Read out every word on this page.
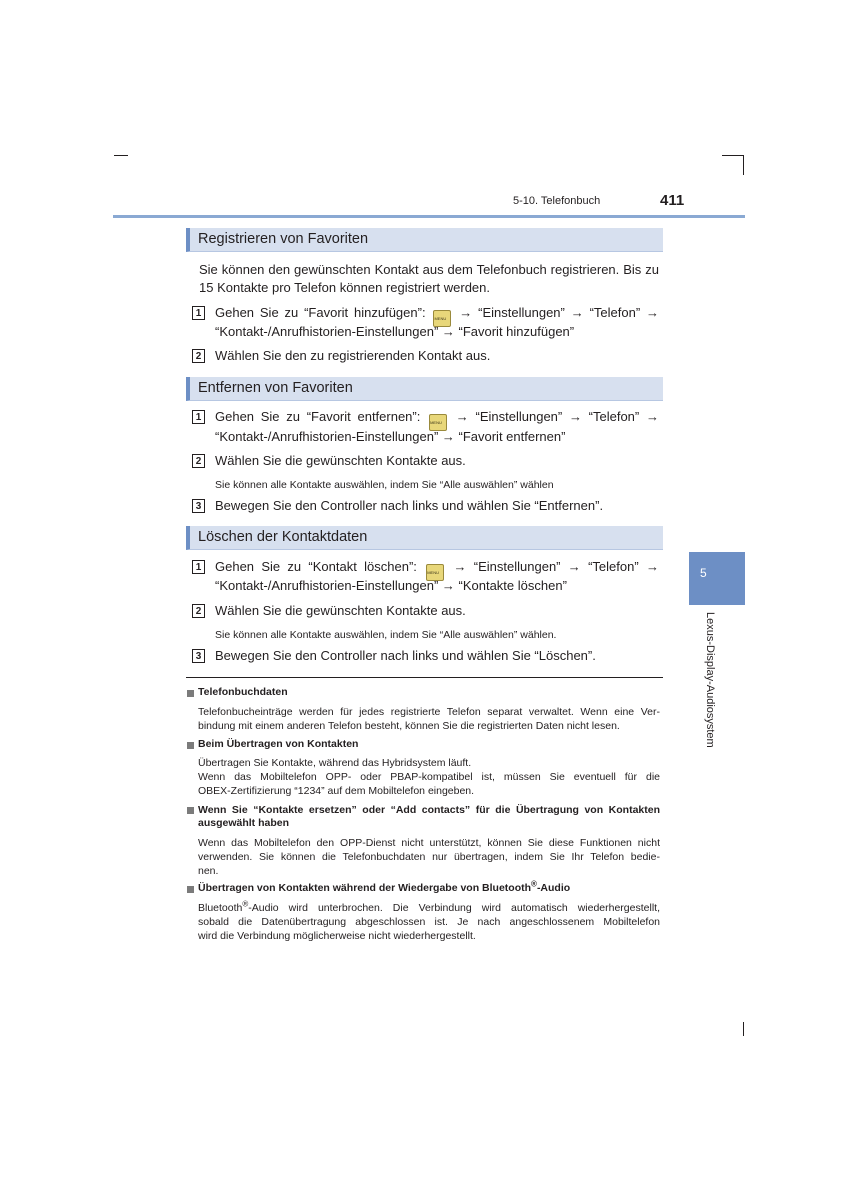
5-10. Telefonbuch	411
5
Lexus-Display-Audiosystem
Registrieren von Favoriten
Sie können den gewünschten Kontakt aus dem Telefonbuch registrieren. Bis zu
15 Kontakte pro Telefon können registriert werden.
1 Gehen Sie zu “Favorit hinzufügen”: MENU → “Einstellungen” → “Telefon” →
“Kontakt-/Anrufhistorien-Einstellungen” → “Favorit hinzufügen”
2 Wählen Sie den zu registrierenden Kontakt aus.
Entfernen von Favoriten
1 Gehen Sie zu “Favorit entfernen”: MENU → “Einstellungen” → “Telefon” →
“Kontakt-/Anrufhistorien-Einstellungen” → “Favorit entfernen”
2 Wählen Sie die gewünschten Kontakte aus.
Sie können alle Kontakte auswählen, indem Sie “Alle auswählen” wählen
3 Bewegen Sie den Controller nach links und wählen Sie “Entfernen”.
Löschen der Kontaktdaten
1 Gehen Sie zu “Kontakt löschen”:	MENU → “Einstellungen” → “Telefon” →
“Kontakt-/Anrufhistorien-Einstellungen” → “Kontakte löschen”
2 Wählen Sie die gewünschten Kontakte aus.
Sie können alle Kontakte auswählen, indem Sie “Alle auswählen” wählen.
3 Bewegen Sie den Controller nach links und wählen Sie “Löschen”.
Telefonbuchdaten
Telefonbucheinträge werden für jedes registrierte Telefon separat verwaltet. Wenn eine Ver-
bindung mit einem anderen Telefon besteht, können Sie die registrierten Daten nicht lesen.
Beim Übertragen von Kontakten
Übertragen Sie Kontakte, während das Hybridsystem läuft.
Wenn das Mobiltelefon OPP- oder PBAP-kompatibel ist, müssen Sie eventuell für die
OBEX-Zertifizierung “1234” auf dem Mobiltelefon eingeben.
Wenn Sie “Kontakte ersetzen” oder “Add contacts” für die Übertragung von Kontakten
ausgewählt haben
Wenn das Mobiltelefon den OPP-Dienst nicht unterstützt, können Sie diese Funktionen nicht
verwenden. Sie können die Telefonbuchdaten nur übertragen, indem Sie Ihr Telefon bedie-
nen.
Übertragen von Kontakten während der Wiedergabe von Bluetooth®-Audio
Bluetooth®-Audio wird unterbrochen. Die Verbindung wird automatisch wiederhergestellt,
sobald die Datenübertragung abgeschlossen ist. Je nach angeschlossenem Mobiltelefon
wird die Verbindung möglicherweise nicht wiederhergestellt.
